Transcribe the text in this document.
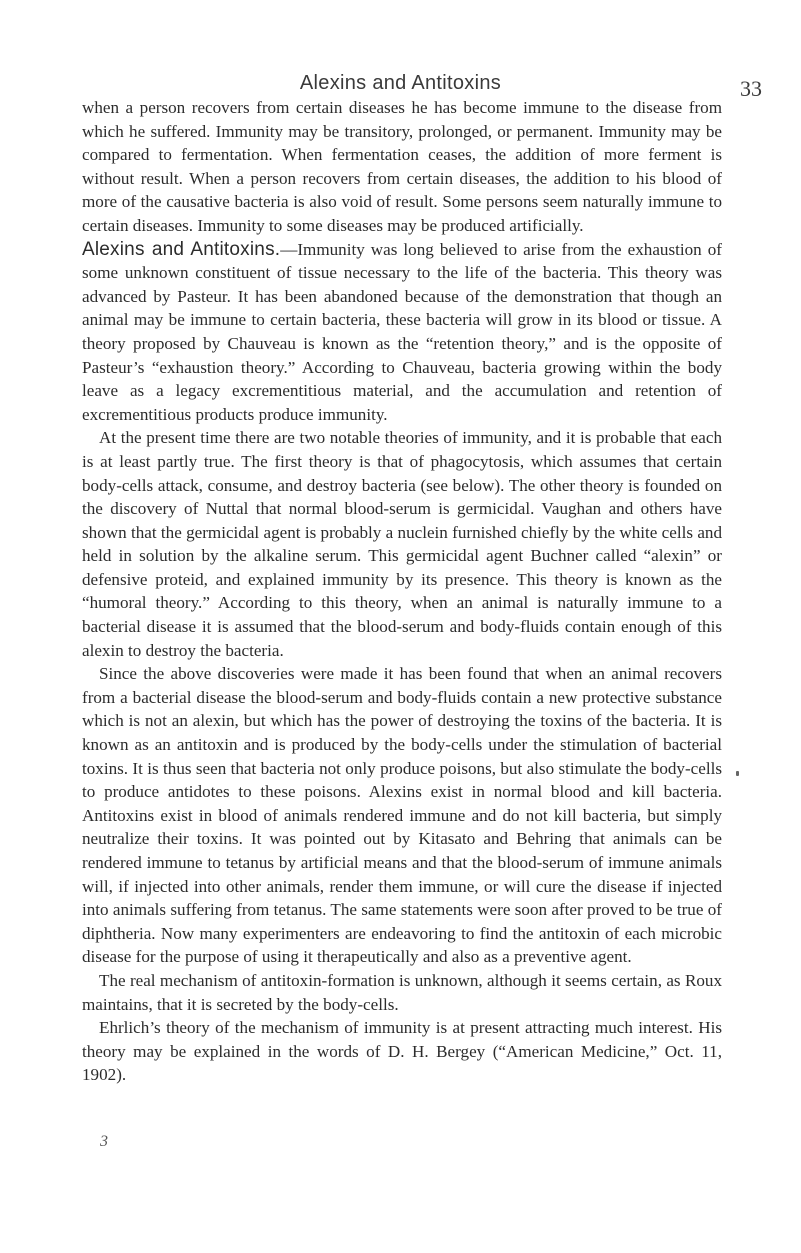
Alexins and Antitoxins	33

when a person recovers from certain diseases he has become immune to the disease from which he suffered. Immunity may be transitory, prolonged, or permanent. Immunity may be compared to fermentation. When fermentation ceases, the addition of more ferment is without result. When a person recovers from certain diseases, the addition to his blood of more of the causative bacteria is also void of result. Some persons seem naturally immune to certain diseases. Immunity to some diseases may be produced artificially.

Alexins and Antitoxins.—Immunity was long believed to arise from the exhaustion of some unknown constituent of tissue necessary to the life of the bacteria. This theory was advanced by Pasteur. It has been abandoned because of the demonstration that though an animal may be immune to certain bacteria, these bacteria will grow in its blood or tissue. A theory proposed by Chauveau is known as the “retention theory,” and is the opposite of Pasteur’s “exhaustion theory.” According to Chauveau, bacteria growing within the body leave as a legacy excrementitious material, and the accumulation and retention of excrementitious products produce immunity.

At the present time there are two notable theories of immunity, and it is probable that each is at least partly true. The first theory is that of phagocytosis, which assumes that certain body-cells attack, consume, and destroy bacteria (see below). The other theory is founded on the discovery of Nuttal that normal blood-serum is germicidal. Vaughan and others have shown that the germicidal agent is probably a nuclein furnished chiefly by the white cells and held in solution by the alkaline serum. This germicidal agent Buchner called “alexin” or defensive proteid, and explained immunity by its presence. This theory is known as the “humoral theory.” According to this theory, when an animal is naturally immune to a bacterial disease it is assumed that the blood-serum and body-fluids contain enough of this alexin to destroy the bacteria.

Since the above discoveries were made it has been found that when an animal recovers from a bacterial disease the blood-serum and body-fluids contain a new protective substance which is not an alexin, but which has the power of destroying the toxins of the bacteria. It is known as an antitoxin and is produced by the body-cells under the stimulation of bacterial toxins. It is thus seen that bacteria not only produce poisons, but also stimulate the body-cells to produce antidotes to these poisons. Alexins exist in normal blood and kill bacteria. Antitoxins exist in blood of animals rendered immune and do not kill bacteria, but simply neutralize their toxins. It was pointed out by Kitasato and Behring that animals can be rendered immune to tetanus by artificial means and that the blood-serum of immune animals will, if injected into other animals, render them immune, or will cure the disease if injected into animals suffering from tetanus. The same statements were soon after proved to be true of diphtheria. Now many experimenters are endeavoring to find the antitoxin of each microbic disease for the purpose of using it therapeutically and also as a preventive agent.

The real mechanism of antitoxin-formation is unknown, although it seems certain, as Roux maintains, that it is secreted by the body-cells.

Ehrlich’s theory of the mechanism of immunity is at present attracting much interest. His theory may be explained in the words of D. H. Bergey (“American Medicine,” Oct. 11, 1902).

3
